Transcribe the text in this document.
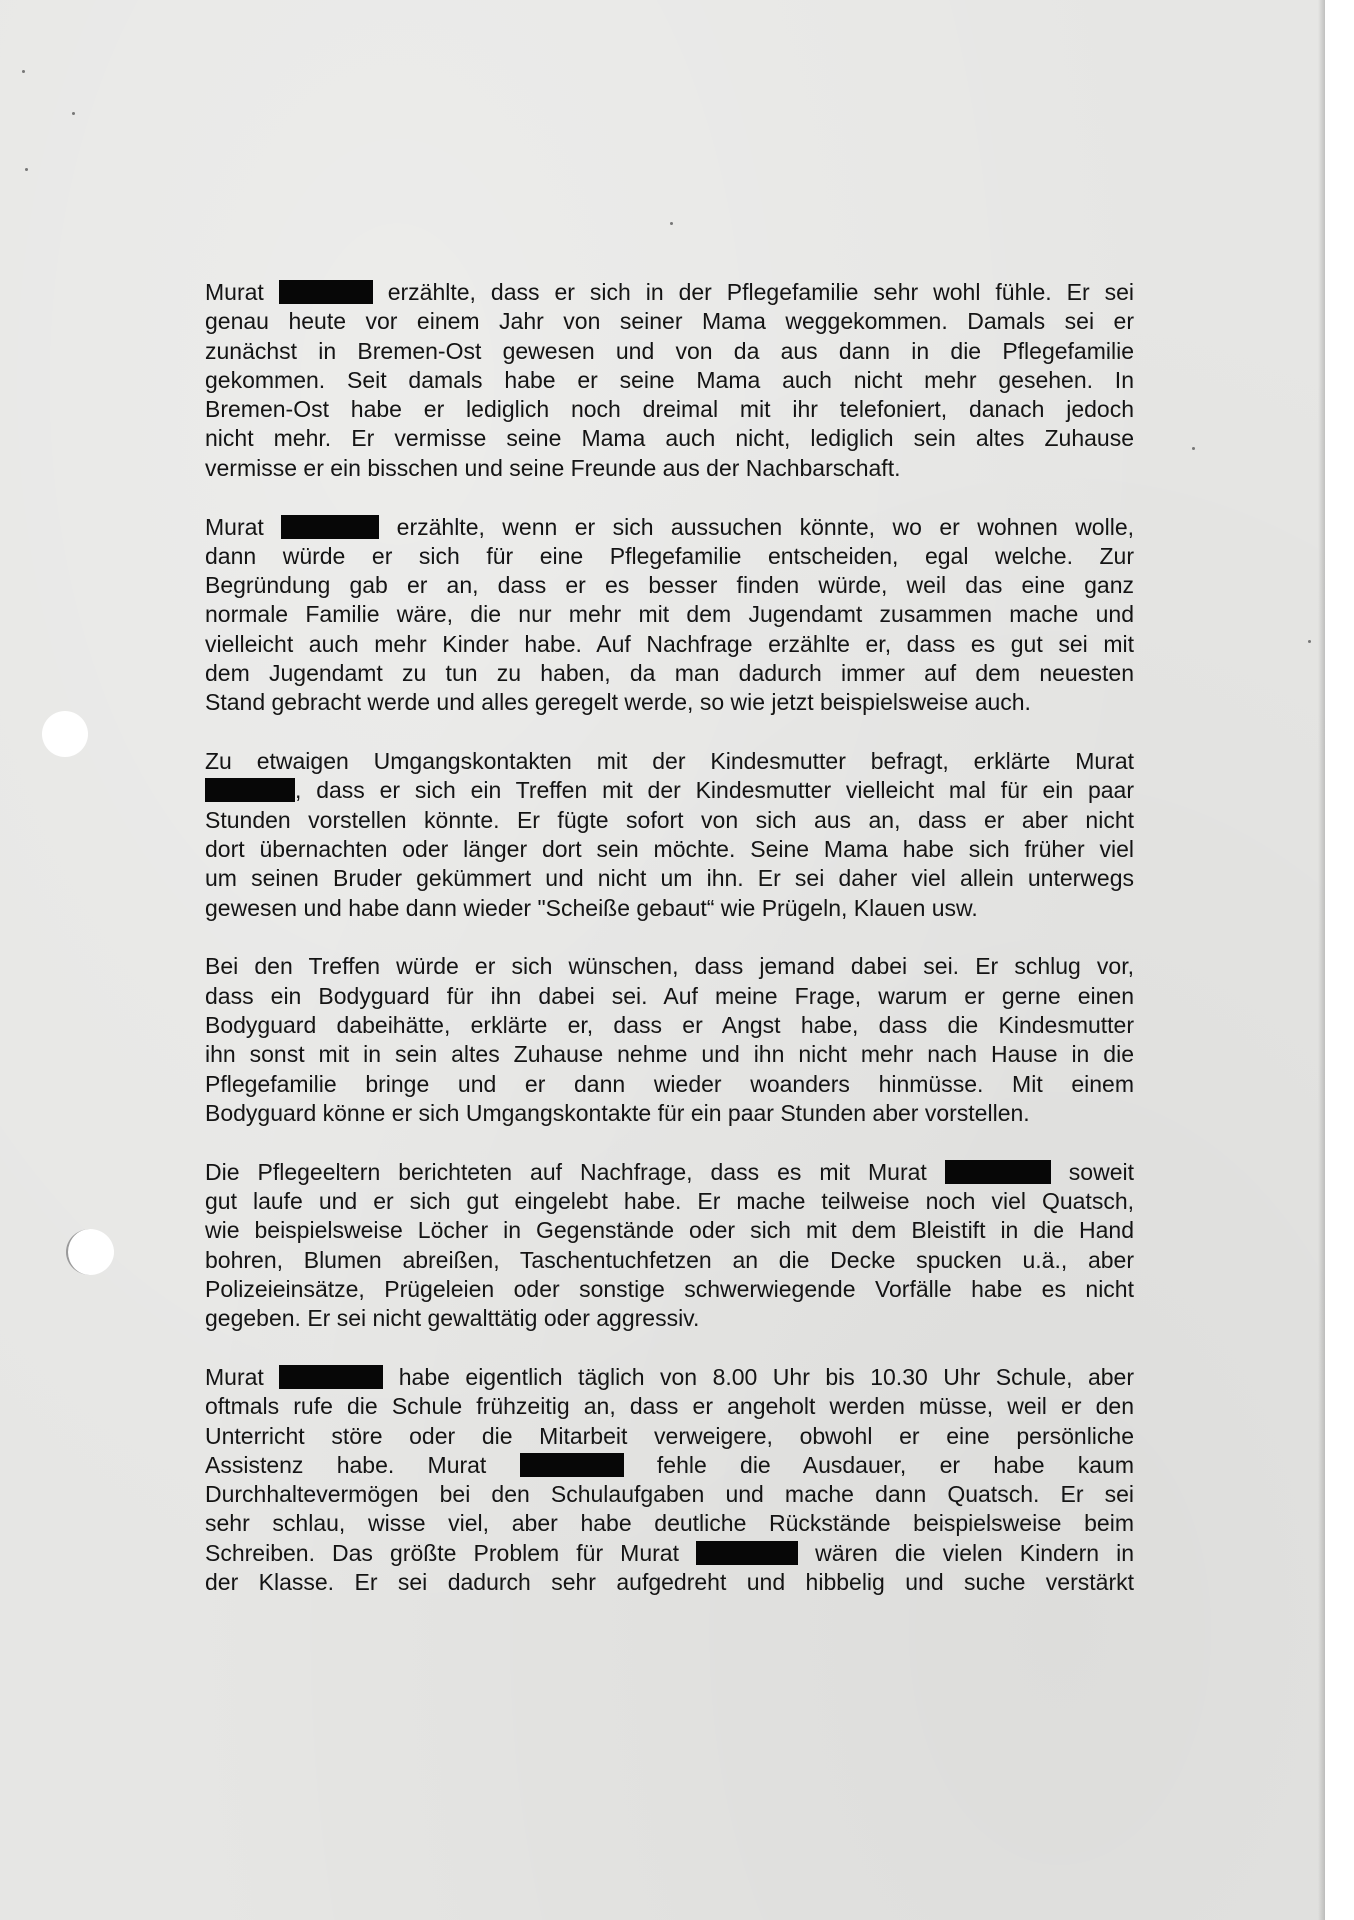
Murat	erzählte, dass er sich in der Pflegefamilie sehr wohl fühle. Er sei
genau heute vor einem Jahr von seiner Mama weggekommen. Damals sei er
zunächst in Bremen-Ost gewesen und von da aus dann in die Pflegefamilie
gekommen. Seit damals habe er seine Mama auch nicht mehr gesehen. In
Bremen-Ost habe er lediglich noch dreimal mit ihr telefoniert, danach jedoch
nicht mehr. Er vermisse seine Mama auch nicht, lediglich sein altes Zuhause
vermisse er ein bisschen und seine Freunde aus der Nachbarschaft.
Murat	erzählte, wenn er sich aussuchen könnte, wo er wohnen wolle,
dann würde er sich für eine Pflegefamilie entscheiden, egal welche. Zur
Begründung gab er an, dass er es besser finden würde, weil das eine ganz
normale Familie wäre, die nur mehr mit dem Jugendamt zusammen mache und
vielleicht auch mehr Kinder habe. Auf Nachfrage erzählte er, dass es gut sei mit
dem Jugendamt zu tun zu haben, da man dadurch immer auf dem neuesten
Stand gebracht werde und alles geregelt werde, so wie jetzt beispielsweise auch.
Zu etwaigen Umgangskontakten mit der Kindesmutter befragt, erklärte Murat
, dass er sich ein Treffen mit der Kindesmutter vielleicht mal für ein paar
Stunden vorstellen könnte. Er fügte sofort von sich aus an, dass er aber nicht
dort übernachten oder länger dort sein möchte. Seine Mama habe sich früher viel
um seinen Bruder gekümmert und nicht um ihn. Er sei daher viel allein unterwegs
gewesen und habe dann wieder "Scheiße gebaut“ wie Prügeln, Klauen usw.
Bei den Treffen würde er sich wünschen, dass jemand dabei sei. Er schlug vor,
dass ein Bodyguard für ihn dabei sei. Auf meine Frage, warum er gerne einen
Bodyguard dabeihätte, erklärte er, dass er Angst habe, dass die Kindesmutter
ihn sonst mit in sein altes Zuhause nehme und ihn nicht mehr nach Hause in die
Pflegefamilie bringe und er dann wieder woanders hinmüsse. Mit einem
Bodyguard könne er sich Umgangskontakte für ein paar Stunden aber vorstellen.
Die Pflegeeltern berichteten auf Nachfrage, dass es mit Murat	soweit
gut laufe und er sich gut eingelebt habe. Er mache teilweise noch viel Quatsch,
wie beispielsweise Löcher in Gegenstände oder sich mit dem Bleistift in die Hand
bohren, Blumen abreißen, Taschentuchfetzen an die Decke spucken u.ä., aber
Polizeieinsätze, Prügeleien oder sonstige schwerwiegende Vorfälle habe es nicht
gegeben. Er sei nicht gewalttätig oder aggressiv.
Murat	habe eigentlich täglich von 8.00 Uhr bis 10.30 Uhr Schule, aber
oftmals rufe die Schule frühzeitig an, dass er angeholt werden müsse, weil er den
Unterricht störe oder die Mitarbeit verweigere, obwohl er eine persönliche
Assistenz habe. Murat	fehle die Ausdauer, er habe kaum
Durchhaltevermögen bei den Schulaufgaben und mache dann Quatsch. Er sei
sehr schlau, wisse viel, aber habe deutliche Rückstände beispielsweise beim
Schreiben. Das größte Problem für Murat	wären die vielen Kindern in
der Klasse. Er sei dadurch sehr aufgedreht und hibbelig und suche verstärkt
